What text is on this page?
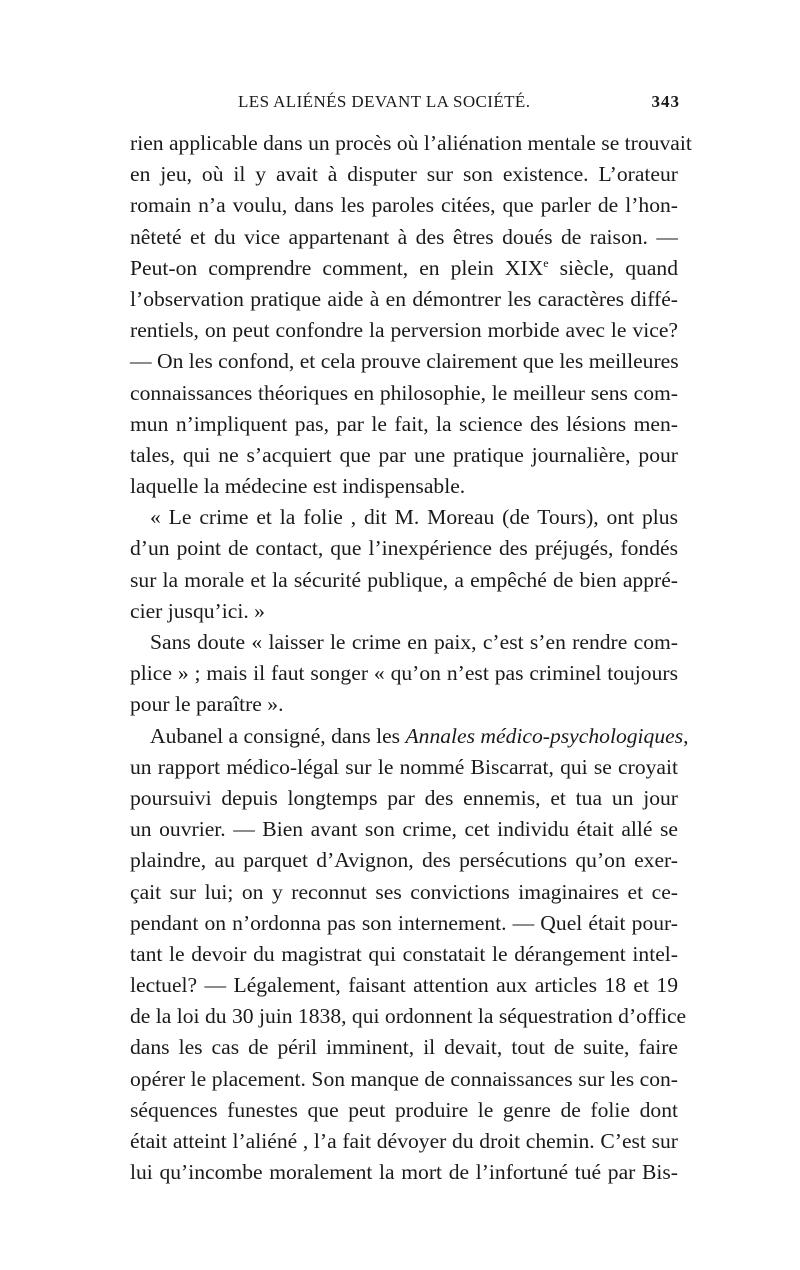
LES ALIÉNÉS DEVANT LA SOCIÉTÉ.	343
rien applicable dans un procès où l’aliénation mentale se trouvait
en jeu, où il y avait à disputer sur son existence. L’orateur
romain n’a voulu, dans les paroles citées, que parler de l’hon-
nêteté et du vice appartenant à des êtres doués de raison. —
Peut-on comprendre comment, en plein XIXe siècle, quand
l’observation pratique aide à en démontrer les caractères diffé-
rentiels, on peut confondre la perversion morbide avec le vice?
— On les confond, et cela prouve clairement que les meilleures
connaissances théoriques en philosophie, le meilleur sens com-
mun n’impliquent pas, par le fait, la science des lésions men-
tales, qui ne s’acquiert que par une pratique journalière, pour
laquelle la médecine est indispensable.
« Le crime et la folie , dit M. Moreau (de Tours), ont plus
d’un point de contact, que l’inexpérience des préjugés, fondés
sur la morale et la sécurité publique, a empêché de bien appré-
cier jusqu’ici. »
Sans doute « laisser le crime en paix, c’est s’en rendre com-
plice » ; mais il faut songer « qu’on n’est pas criminel toujours
pour le paraître ».
Aubanel a consigné, dans les Annales médico-psychologiques,
un rapport médico-légal sur le nommé Biscarrat, qui se croyait
poursuivi depuis longtemps par des ennemis, et tua un jour
un ouvrier. — Bien avant son crime, cet individu était allé se
plaindre, au parquet d’Avignon, des persécutions qu’on exer-
çait sur lui; on y reconnut ses convictions imaginaires et ce-
pendant on n’ordonna pas son internement. — Quel était pour-
tant le devoir du magistrat qui constatait le dérangement intel-
lectuel? — Légalement, faisant attention aux articles 18 et 19
de la loi du 30 juin 1838, qui ordonnent la séquestration d’office
dans les cas de péril imminent, il devait, tout de suite, faire
opérer le placement. Son manque de connaissances sur les con-
séquences funestes que peut produire le genre de folie dont
était atteint l’aliéné , l’a fait dévoyer du droit chemin. C’est sur
lui qu’incombe moralement la mort de l’infortuné tué par Bis-
